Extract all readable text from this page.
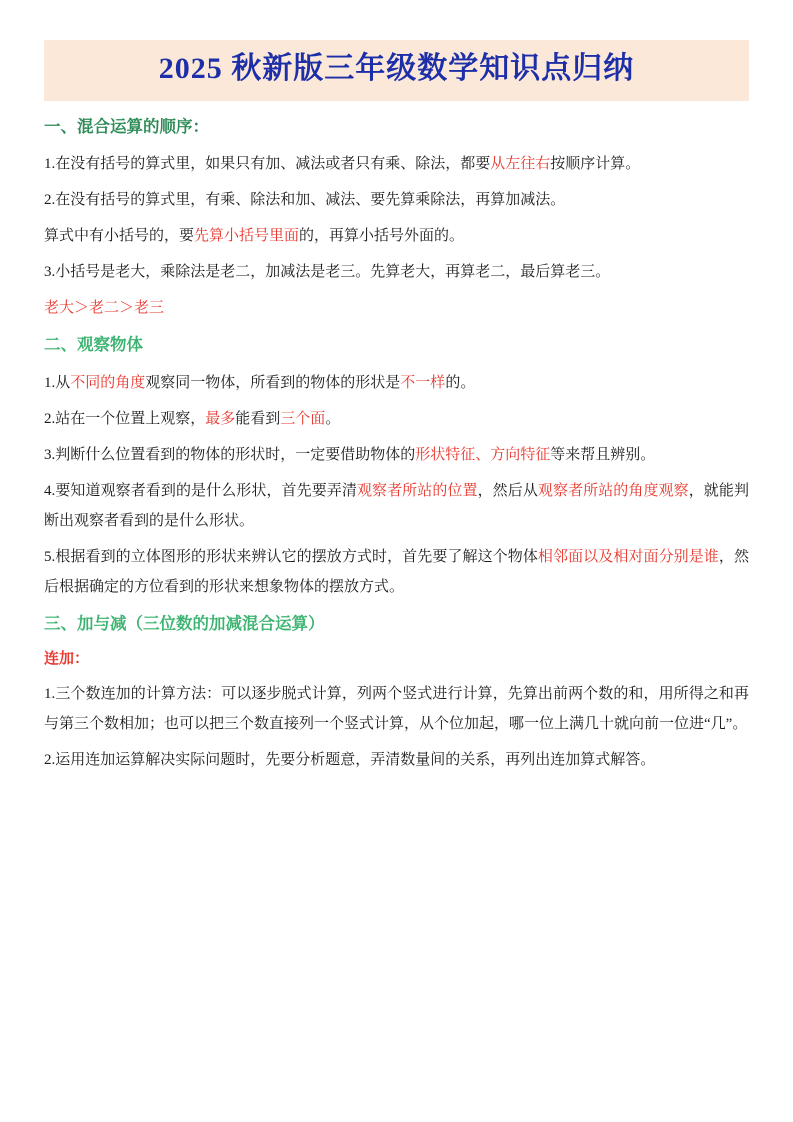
2025 秋新版三年级数学知识点归纳
一、混合运算的顺序：

1.在没有括号的算式里，如果只有加、减法或者只有乘、除法，都要从左往右按顺序计算。

2.在没有括号的算式里，有乘、除法和加、减法、要先算乘除法，再算加减法。

算式中有小括号的，要先算小括号里面的，再算小括号外面的。

3.小括号是老大，乘除法是老二，加减法是老三。先算老大，再算老二，最后算老三。

老大＞老二＞老三

二、观察物体

1.从不同的角度观察同一物体，所看到的物体的形状是不一样的。

2.站在一个位置上观察，最多能看到三个面。

3.判断什么位置看到的物体的形状时，一定要借助物体的形状特征、方向特征等来帮且辨别。

4.要知道观察者看到的是什么形状，首先要弄清观察者所站的位置，然后从观察者所站的角度观察，就能判断出观察者看到的是什么形状。

5.根据看到的立体图形的形状来辨认它的摆放方式时，首先要了解这个物体相邻面以及相对面分别是谁，然后根据确定的方位看到的形状来想象物体的摆放方式。

三、加与减（三位数的加减混合运算）

连加：

1.三个数连加的计算方法：可以逐步脱式计算，列两个竖式进行计算，先算出前两个数的和，用所得之和再与第三个数相加；也可以把三个数直接列一个竖式计算，从个位加起，哪一位上满几十就向前一位进“几”。

2.运用连加运算解决实际问题时，先要分析题意，弄清数量间的关系，再列出连加算式解答。
